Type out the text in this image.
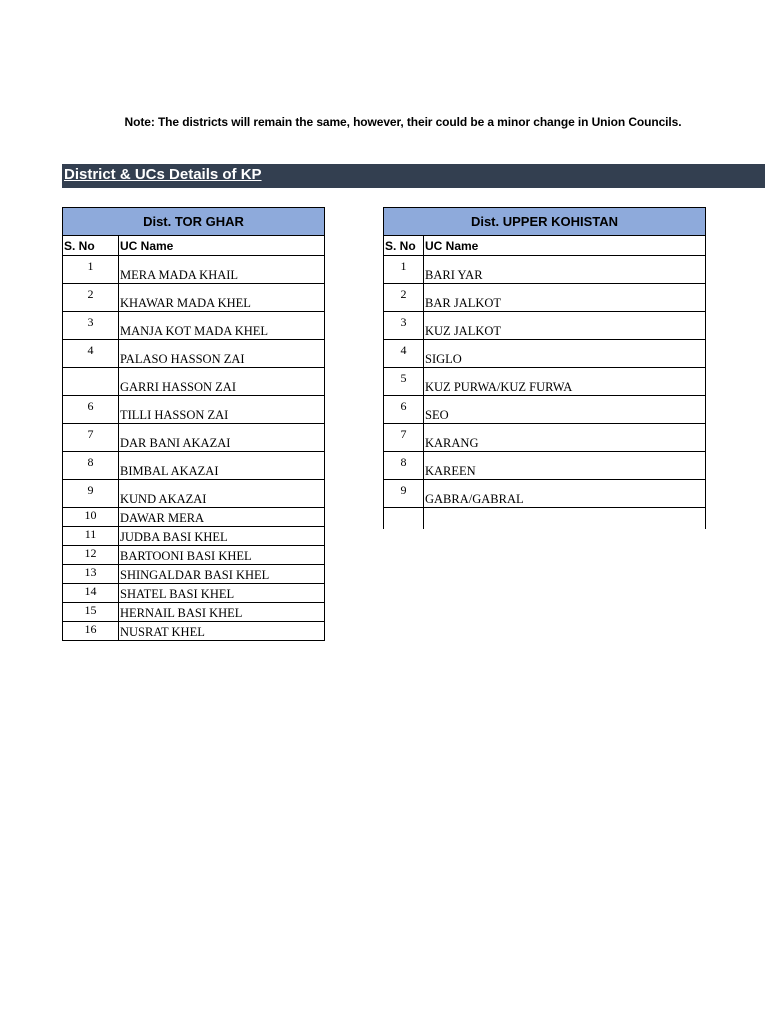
Note: The districts will remain the same, however, their could be a minor change in Union Councils.
District & UCs Details of KP
Dist. TOR GHAR	
S. No	UC Name
1	MERA MADA KHAIL
2	KHAWAR MADA KHEL
3	MANJA KOT MADA KHEL
4	PALASO HASSON ZAI
	GARRI HASSON ZAI
6	TILLI HASSON ZAI
7	DAR BANI AKAZAI
8	BIMBAL AKAZAI
9	KUND AKAZAI
10	DAWAR MERA
11	JUDBA BASI KHEL
12	BARTOONI BASI KHEL
13	SHINGALDAR BASI KHEL
14	SHATEL BASI KHEL
15	HERNAIL BASI KHEL
16	NUSRAT KHEL
Dist. UPPER KOHISTAN	
S. No	UC Name
1	BARI YAR
2	BAR JALKOT
3	KUZ JALKOT
4	SIGLO
5	KUZ PURWA/KUZ FURWA
6	SEO
7	KARANG
8	KAREEN
9	GABRA/GABRAL
